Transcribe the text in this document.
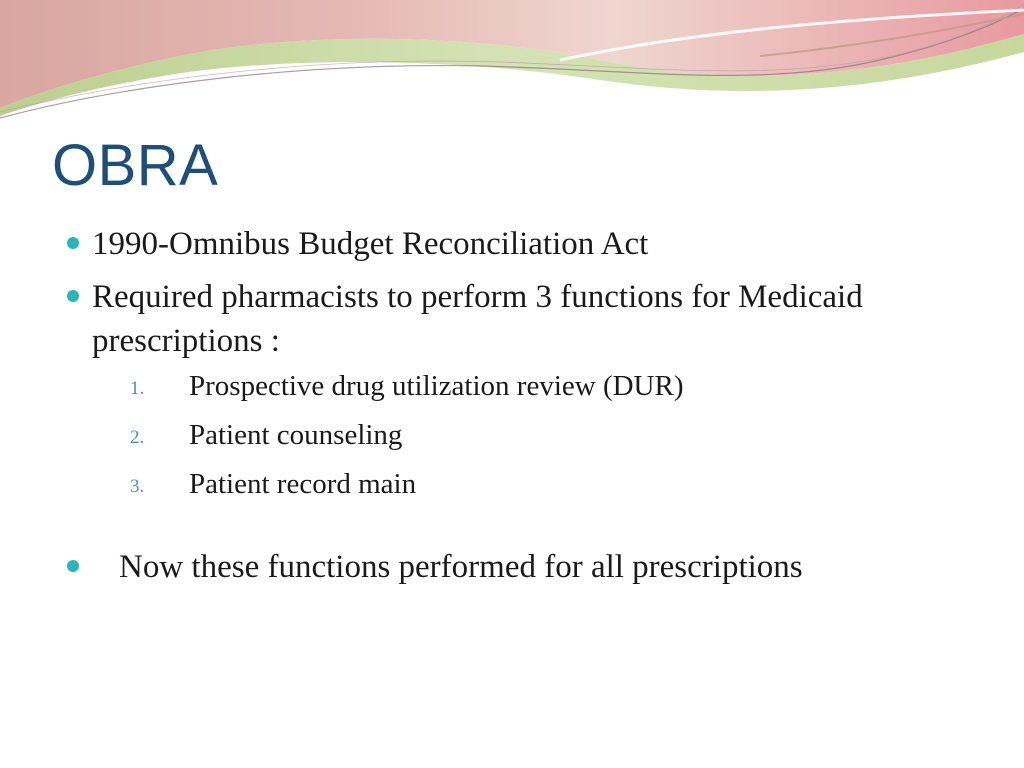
OBRA
1990-Omnibus Budget Reconciliation Act
Required pharmacists to perform 3 functions for Medicaid prescriptions :
1. Prospective drug utilization review (DUR)
2. Patient counseling
3. Patient record main
Now these functions performed for all prescriptions
